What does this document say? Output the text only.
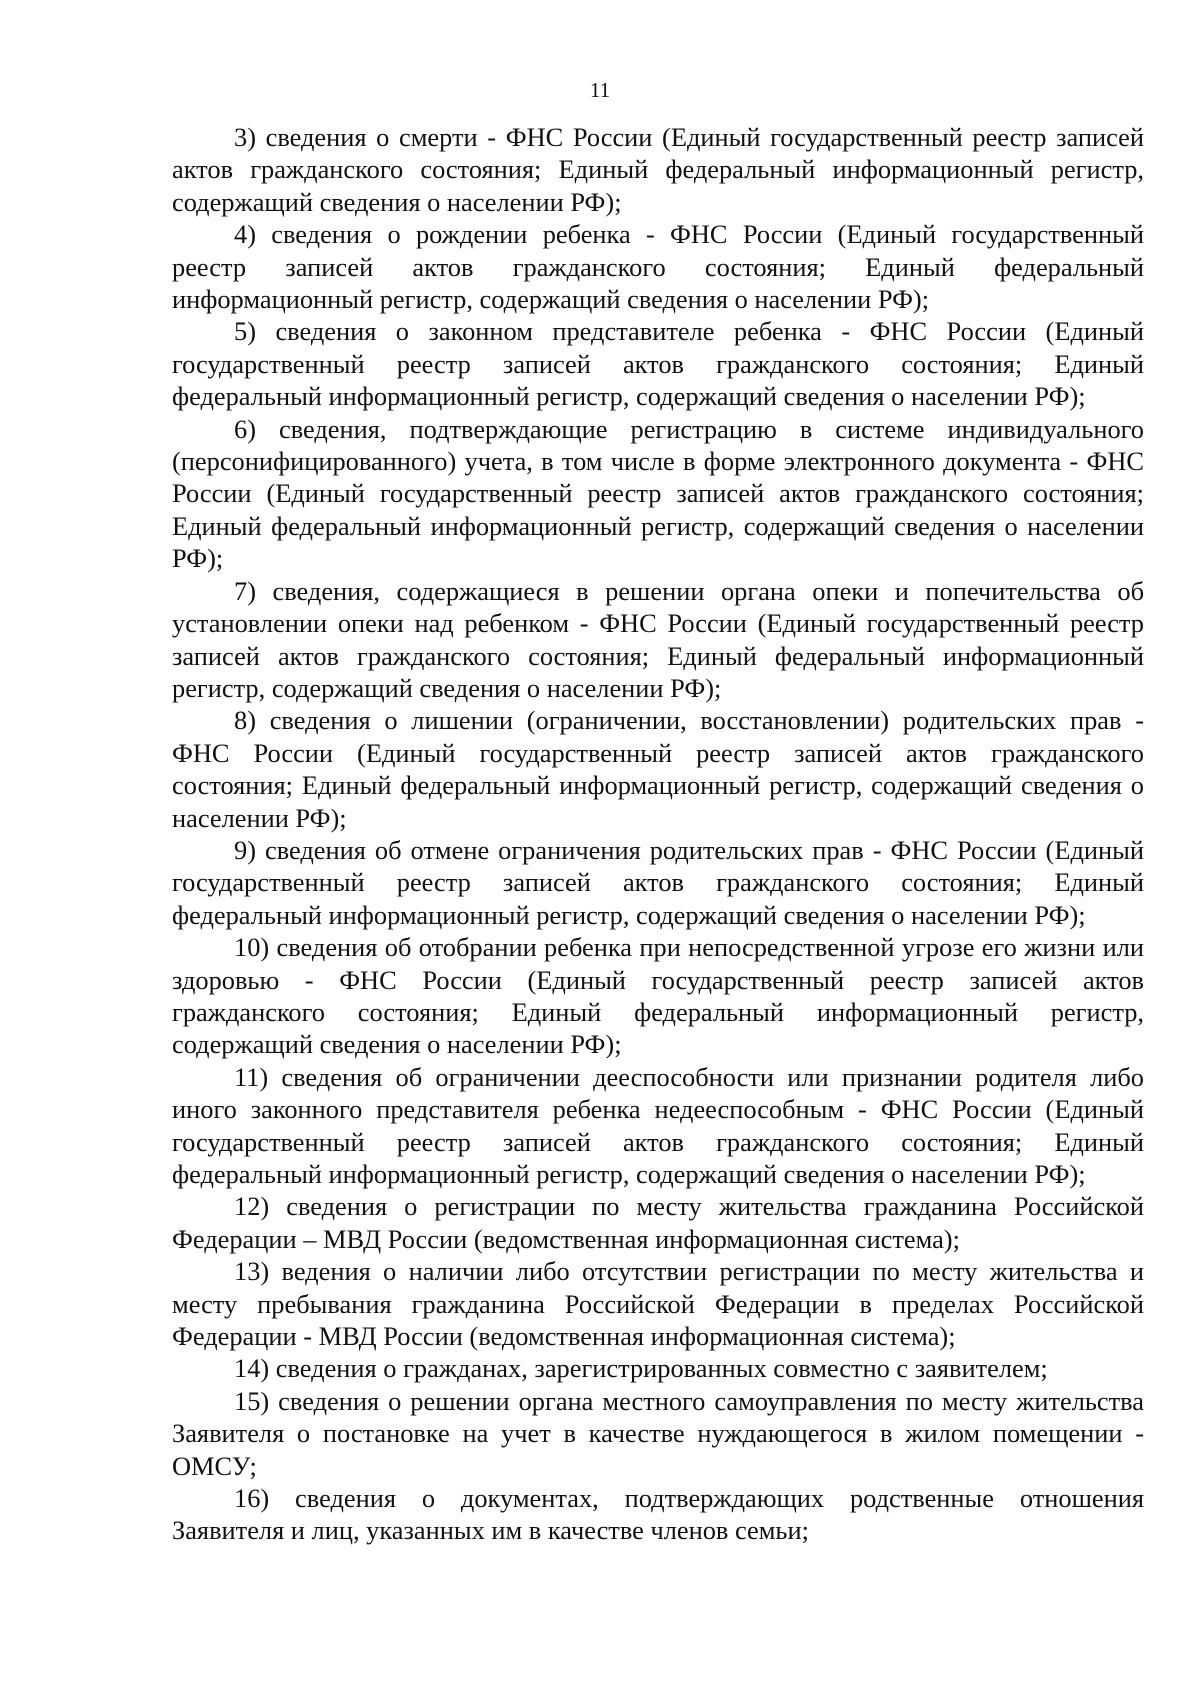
11

3) сведения о смерти - ФНС России (Единый государственный реестр записей актов гражданского состояния; Единый федеральный информационный регистр, содержащий сведения о населении РФ);

4) сведения о рождении ребенка - ФНС России (Единый государственный реестр записей актов гражданского состояния; Единый федеральный информационный регистр, содержащий сведения о населении РФ);

5) сведения о законном представителе ребенка - ФНС России (Единый государственный реестр записей актов гражданского состояния; Единый федеральный информационный регистр, содержащий сведения о населении РФ);

6) сведения, подтверждающие регистрацию в системе индивидуального (персонифицированного) учета, в том числе в форме электронного документа - ФНС России (Единый государственный реестр записей актов гражданского состояния; Единый федеральный информационный регистр, содержащий сведения о населении РФ);

7) сведения, содержащиеся в решении органа опеки и попечительства об установлении опеки над ребенком - ФНС России (Единый государственный реестр записей актов гражданского состояния; Единый федеральный информационный регистр, содержащий сведения о населении РФ);

8) сведения о лишении (ограничении, восстановлении) родительских прав - ФНС России (Единый государственный реестр записей актов гражданского состояния; Единый федеральный информационный регистр, содержащий сведения о населении РФ);

9) сведения об отмене ограничения родительских прав - ФНС России (Единый государственный реестр записей актов гражданского состояния; Единый федеральный информационный регистр, содержащий сведения о населении РФ);

10) сведения об отобрании ребенка при непосредственной угрозе его жизни или здоровью - ФНС России (Единый государственный реестр записей актов гражданского состояния; Единый федеральный информационный регистр, содержащий сведения о населении РФ);

11) сведения об ограничении дееспособности или признании родителя либо иного законного представителя ребенка недееспособным - ФНС России (Единый государственный реестр записей актов гражданского состояния; Единый федеральный информационный регистр, содержащий сведения о населении РФ);

12) сведения о регистрации по месту жительства гражданина Российской Федерации – МВД России (ведомственная информационная система);

13) ведения о наличии либо отсутствии регистрации по месту жительства и месту пребывания гражданина Российской Федерации в пределах Российской Федерации - МВД России (ведомственная информационная система);

14) сведения о гражданах, зарегистрированных совместно с заявителем;

15) сведения о решении органа местного самоуправления по месту жительства Заявителя о постановке на учет в качестве нуждающегося в жилом помещении - ОМСУ;

16) сведения о документах, подтверждающих родственные отношения Заявителя и лиц, указанных им в качестве членов семьи;
